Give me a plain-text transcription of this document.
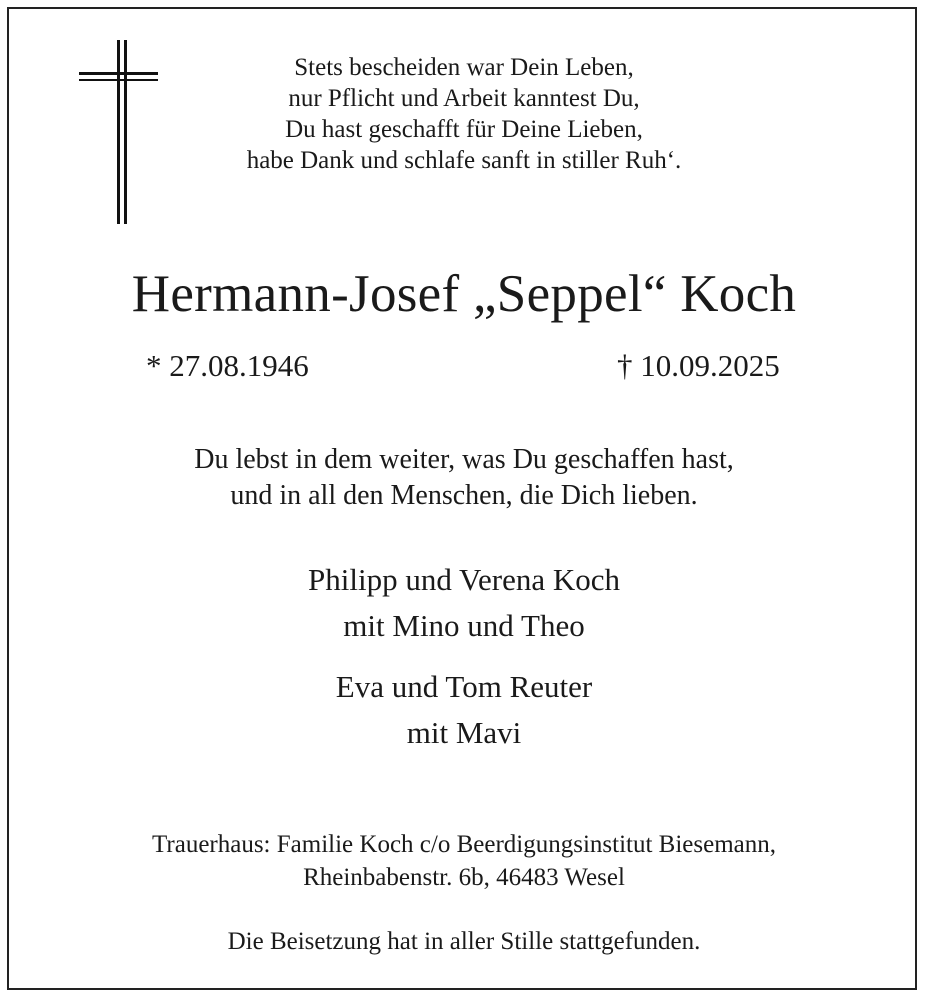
Stets bescheiden war Dein Leben,
nur Pflicht und Arbeit kanntest Du,
Du hast geschafft für Deine Lieben,
habe Dank und schlafe sanft in stiller Ruh‘.
Hermann-Josef „Seppel“ Koch
* 27.08.1946	† 10.09.2025
Du lebst in dem weiter, was Du geschaffen hast,
und in all den Menschen, die Dich lieben.
Philipp und Verena Koch
mit Mino und Theo
Eva und Tom Reuter
mit Mavi
Trauerhaus: Familie Koch c/o Beerdigungsinstitut Biesemann,
Rheinbabenstr. 6b, 46483 Wesel
Die Beisetzung hat in aller Stille stattgefunden.
